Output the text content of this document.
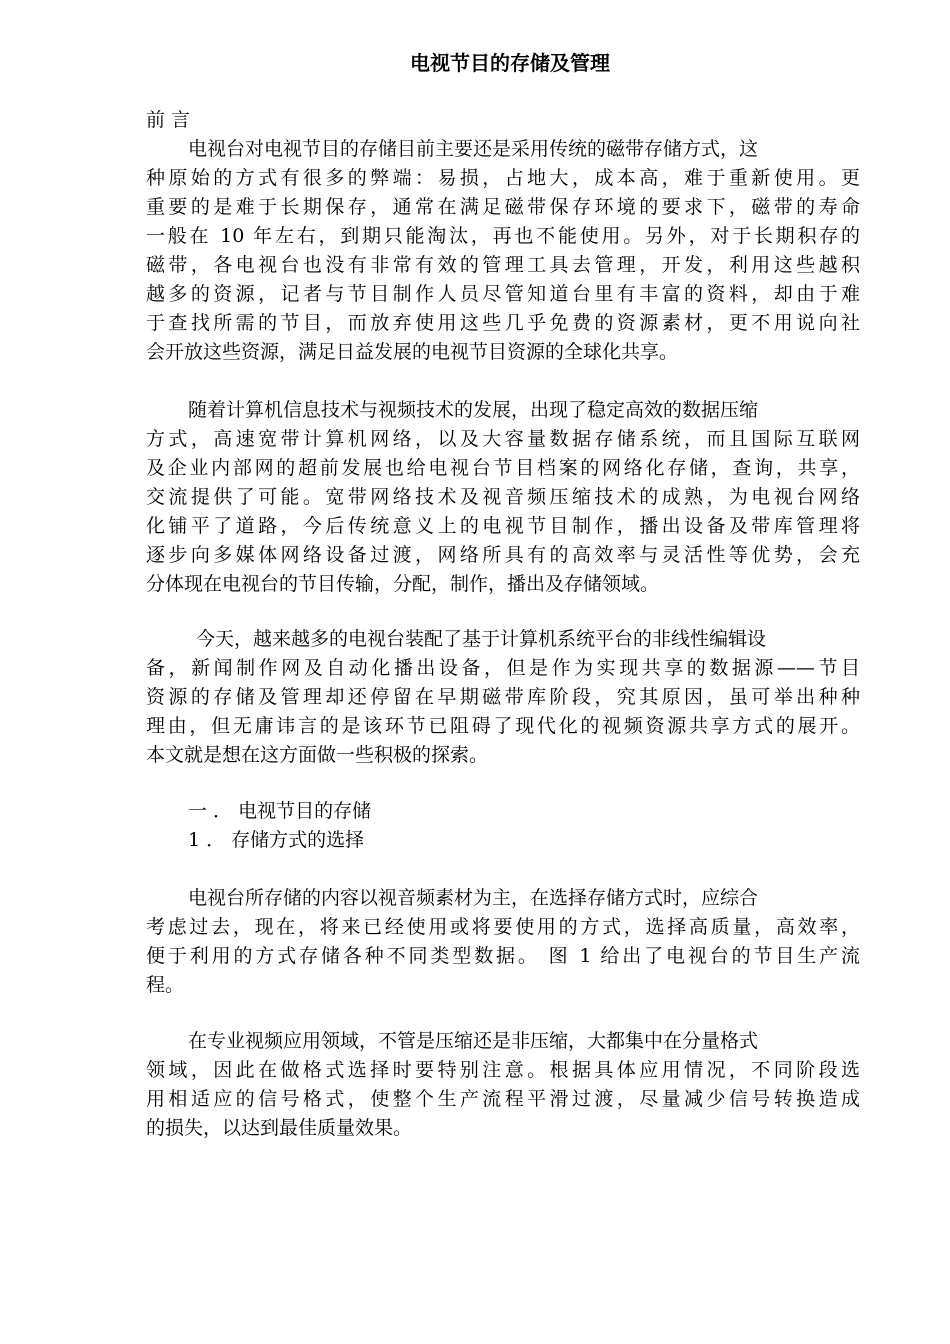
电视节目的存储及管理
前 言
电视台对电视节目的存储目前主要还是采用传统的磁带存储方式，这
种原始的方式有很多的弊端：易损，占地大，成本高，难于重新使用。更
重要的是难于长期保存，通常在满足磁带保存环境的要求下，磁带的寿命
一般在 10 年左右，到期只能淘汰，再也不能使用。另外，对于长期积存的
磁带，各电视台也没有非常有效的管理工具去管理，开发，利用这些越积
越多的资源，记者与节目制作人员尽管知道台里有丰富的资料，却由于难
于查找所需的节目，而放弃使用这些几乎免费的资源素材，更不用说向社
会开放这些资源，满足日益发展的电视节目资源的全球化共享。
随着计算机信息技术与视频技术的发展，出现了稳定高效的数据压缩
方式，高速宽带计算机网络，以及大容量数据存储系统，而且国际互联网
及企业内部网的超前发展也给电视台节目档案的网络化存储，查询，共享，
交流提供了可能。宽带网络技术及视音频压缩技术的成熟，为电视台网络
化铺平了道路，今后传统意义上的电视节目制作，播出设备及带库管理将
逐步向多媒体网络设备过渡，网络所具有的高效率与灵活性等优势，会充
分体现在电视台的节目传输，分配，制作，播出及存储领域。
今天，越来越多的电视台装配了基于计算机系统平台的非线性编辑设
备，新闻制作网及自动化播出设备，但是作为实现共享的数据源——节目
资源的存储及管理却还停留在早期磁带库阶段，究其原因，虽可举出种种
理由，但无庸讳言的是该环节已阻碍了现代化的视频资源共享方式的展开。
本文就是想在这方面做一些积极的探索。
一 ． 电视节目的存储
1 ． 存储方式的选择
电视台所存储的内容以视音频素材为主，在选择存储方式时，应综合
考虑过去，现在，将来已经使用或将要使用的方式，选择高质量，高效率，
便于利用的方式存储各种不同类型数据。 图 1 给出了电视台的节目生产流
程。
在专业视频应用领域，不管是压缩还是非压缩，大都集中在分量格式
领域，因此在做格式选择时要特别注意。根据具体应用情况，不同阶段选
用相适应的信号格式，使整个生产流程平滑过渡，尽量减少信号转换造成
的损失，以达到最佳质量效果。
